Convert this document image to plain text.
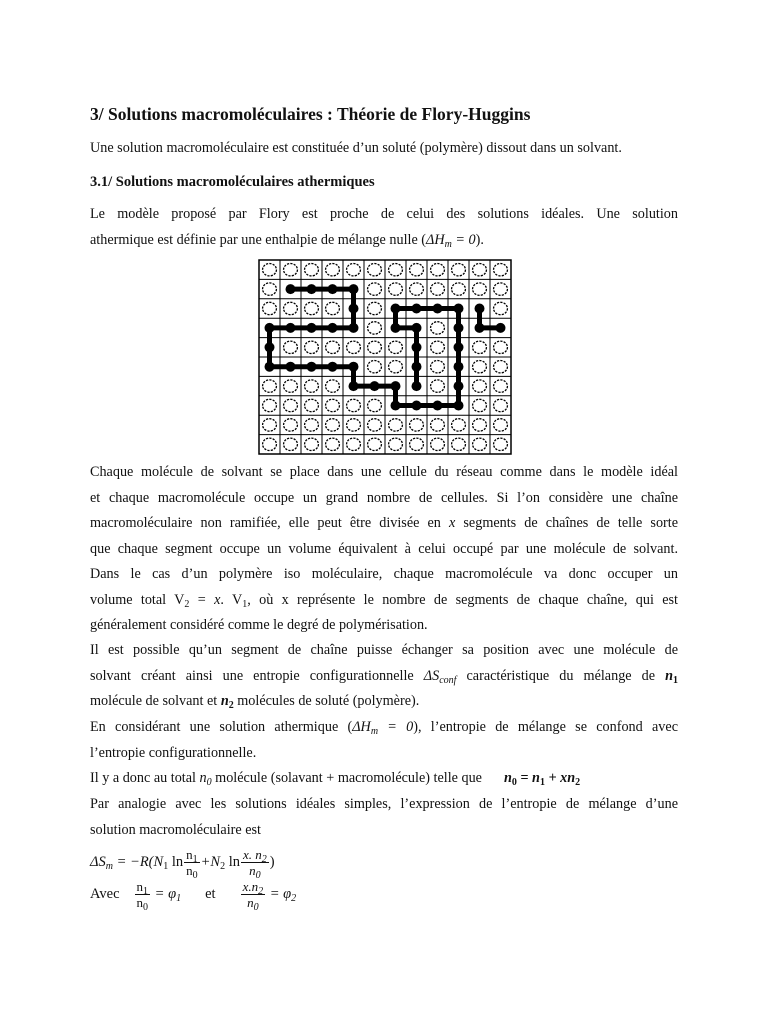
3/ Solutions macromoléculaires : Théorie de Flory-Huggins

Une solution macromoléculaire est constituée d’un soluté (polymère) dissout dans un solvant.

3.1/ Solutions macromoléculaires athermiques
Le modèle proposé par Flory est proche de celui des solutions idéales. Une solution
athermique est définie par une enthalpie de mélange nulle $(\Delta H_m = 0)$.
Chaque molécule de solvant se place dans une cellule du réseau comme dans le modèle idéal
et chaque macromolécule occupe un grand nombre de cellules. Si l’on considère une chaîne
macromoléculaire non ramifiée, elle peut être divisée en x segments de chaînes de telle sorte
que chaque segment occupe un volume équivalent à celui occupé par une molécule de solvant.
Dans le cas d’un polymère iso moléculaire, chaque macromolécule va donc occuper un
volume total $V_2 = x$. $V_1$, où x représente le nombre de segments de chaque chaîne, qui est
généralement considéré comme le degré de polymérisation.
Il est possible qu’un segment de chaîne puisse échanger sa position avec une molécule de
solvant créant ainsi une entropie configurationnelle $\Delta S_{conf}$ caractéristique du mélange de $n_1$
molécule de solvant et $n_2$ molécules de soluté (polymère).
En considérant une solution athermique $(\Delta H_m = 0)$, l’entropie de mélange se confond avec
l’entropie configurationnelle.
Il y a donc au total $n_0$ molécule (solavant + macromolécule) telle que $n_0 = n_1 + xn_2$
Par analogie avec les solutions idéales simples, l’expression de l’entropie de mélange d’une
solution macromoléculaire est
$\Delta S_m = -R(N_1$ $\ln \frac{n_1}{n_0} +N_2$ $\ln \frac{x. n_2}{n_0}$ )
Avec $\frac{n_1}{n_0} = \varphi_1$ et $\frac{x.n_2}{n_0} = \varphi_2$
